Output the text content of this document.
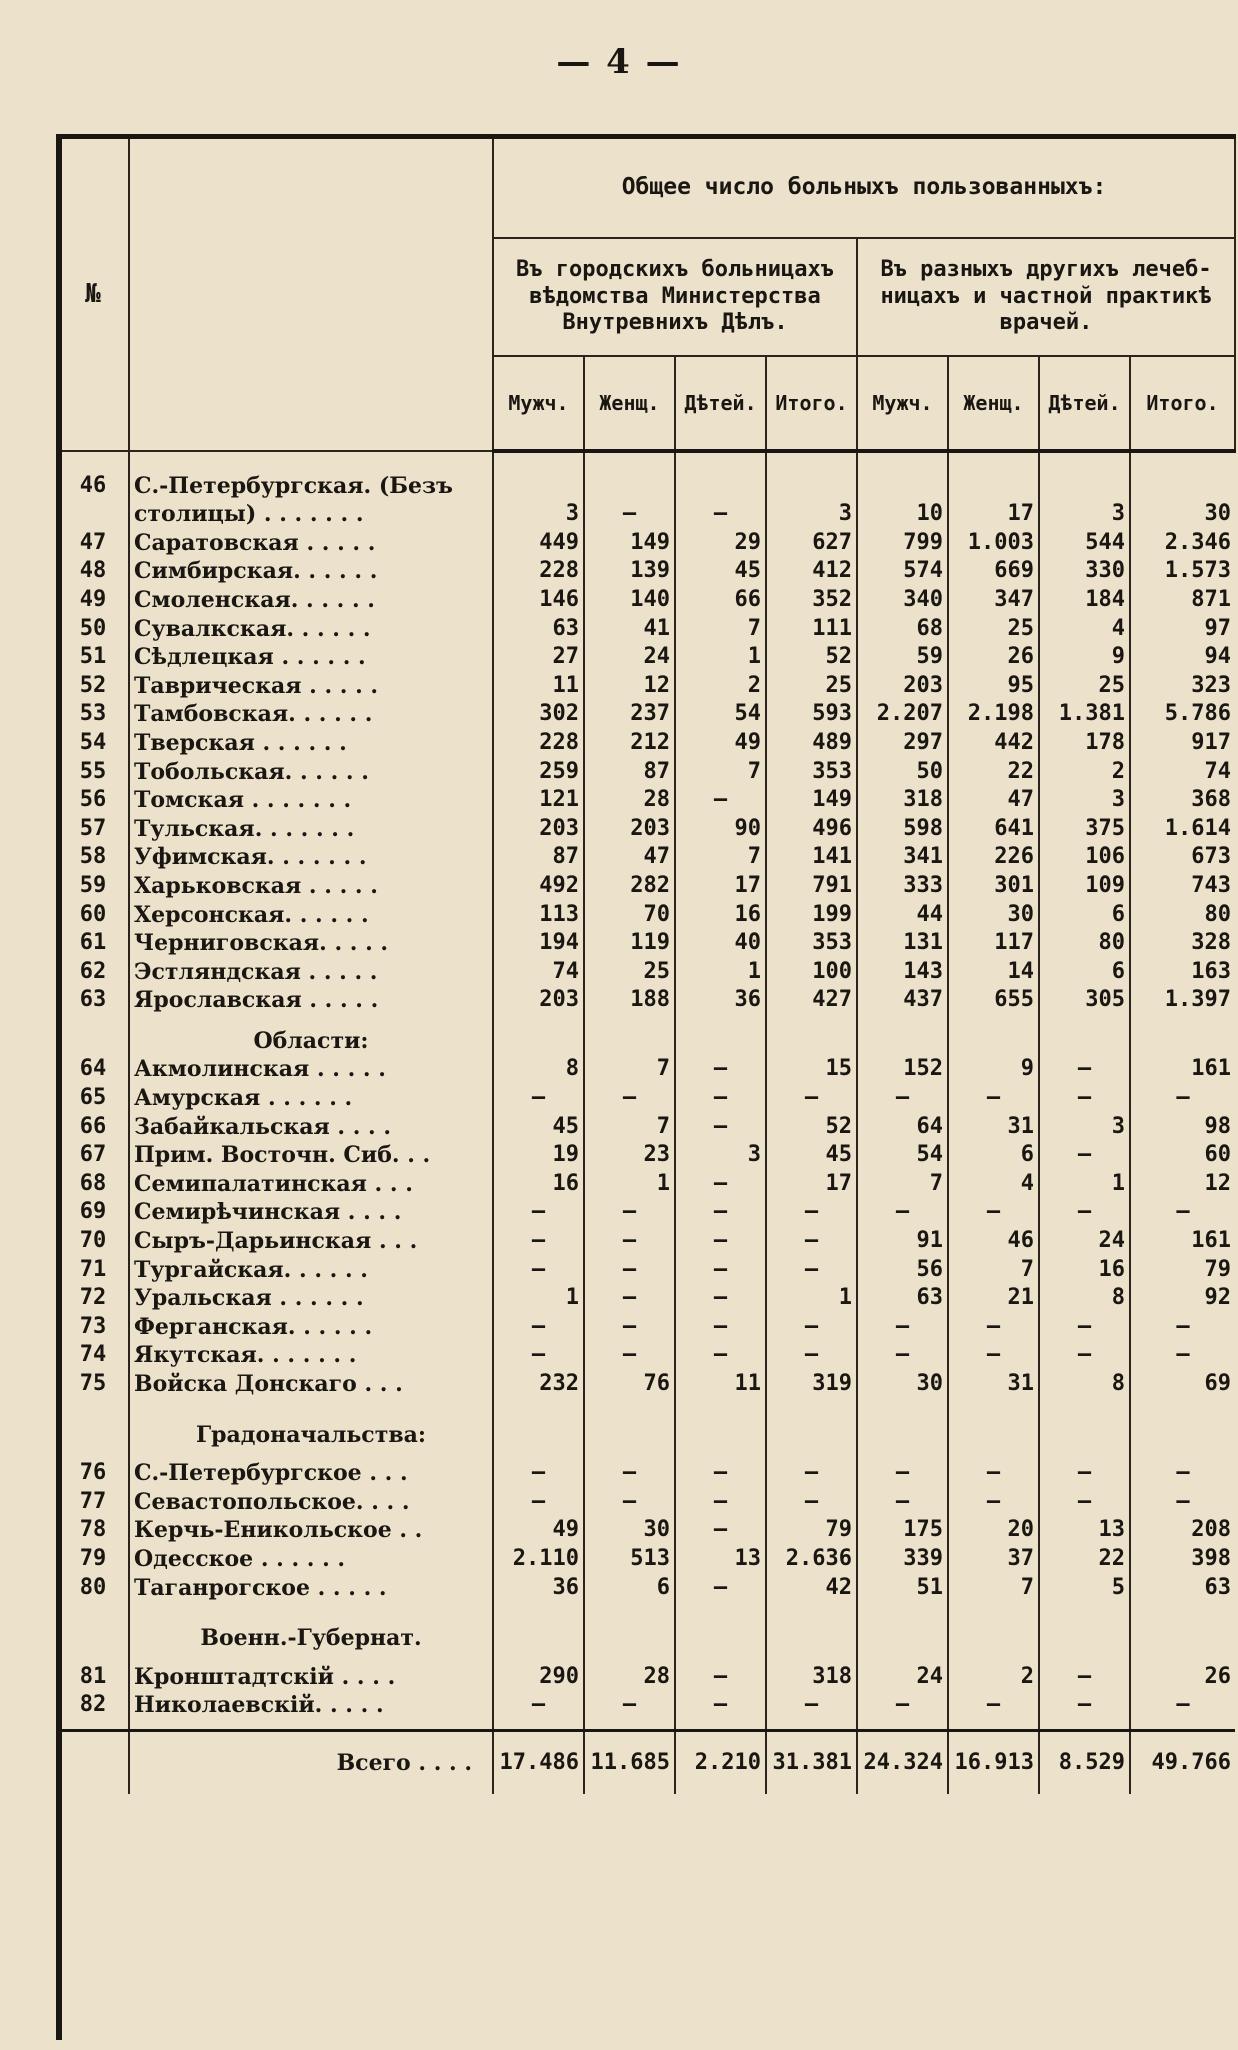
— 4 —
№		Общее число больныхъ пользованныхъ:							
		Въ городскихъ больницахъ вѣдомства Министерства Внутревнихъ Дѣлъ.				Въ разныхъ другихъ лечеб- ницахъ и частной практикѣ врачей.			
		Мужч.	Женщ.	Дѣтей.	Итого.	Мужч.	Женщ.	Дѣтей.	Итого.

46	С.-Петербургская. (Безъ								
	столицы) . . . . . . .	3	—	—	3	10	17	3	30
47	Саратовская . . . . .	449	149	29	627	799	1.003	544	2.346
48	Симбирская. . . . . .	228	139	45	412	574	669	330	1.573
49	Смоленская. . . . . .	146	140	66	352	340	347	184	871
50	Сувалкская. . . . . .	63	41	7	111	68	25	4	97
51	Сѣдлецкая . . . . . .	27	24	1	52	59	26	9	94
52	Таврическая . . . . .	11	12	2	25	203	95	25	323
53	Тамбовская. . . . . .	302	237	54	593	2.207	2.198	1.381	5.786
54	Тверская . . . . . .	228	212	49	489	297	442	178	917
55	Тобольская. . . . . .	259	87	7	353	50	22	2	74
56	Томская . . . . . . .	121	28	—	149	318	47	3	368
57	Тульская. . . . . . .	203	203	90	496	598	641	375	1.614
58	Уфимская. . . . . . .	87	47	7	141	341	226	106	673
59	Харьковская . . . . .	492	282	17	791	333	301	109	743
60	Херсонская. . . . . .	113	70	16	199	44	30	6	80
61	Черниговская. . . . .	194	119	40	353	131	117	80	328
62	Эстляндская . . . . .	74	25	1	100	143	14	6	163
63	Ярославская . . . . .	203	188	36	427	437	655	305	1.397
	Области:								
64	Акмолинская . . . . .	8	7	—	15	152	9	—	161
65	Амурская . . . . . .	—	—	—	—	—	—	—	—
66	Забайкальская . . . .	45	7	—	52	64	31	3	98
67	Прим. Восточн. Сиб. . .	19	23	3	45	54	6	—	60
68	Семипалатинская . . .	16	1	—	17	7	4	1	12
69	Семирѣчинская . . . .	—	—	—	—	—	—	—	—
70	Сыръ-Дарьинская . . .	—	—	—	—	91	46	24	161
71	Тургайская. . . . . .	—	—	—	—	56	7	16	79
72	Уральская . . . . . .	1	—	—	1	63	21	8	92
73	Ферганская. . . . . .	—	—	—	—	—	—	—	—
74	Якутская. . . . . . .	—	—	—	—	—	—	—	—
75	Войска Донскаго . . .	232	76	11	319	30	31	8	69

	Градоначальства:								

76	С.-Петербургское . . .	—	—	—	—	—	—	—	—
77	Севастопольское. . . .	—	—	—	—	—	—	—	—
78	Керчь-Еникольское . .	49	30	—	79	175	20	13	208
79	Одесское . . . . . .	2.110	513	13	2.636	339	37	22	398
80	Таганрогское . . . . .	36	6	—	42	51	7	5	63

	Военн.-Губернат.								

81	Кронштадтскій . . . .	290	28	—	318	24	2	—	26
82	Николаевскій. . . . .	—	—	—	—	—	—	—	—

	Всего . . . .	17.486	11.685	2.210	31.381	24.324	16.913	8.529	49.766
